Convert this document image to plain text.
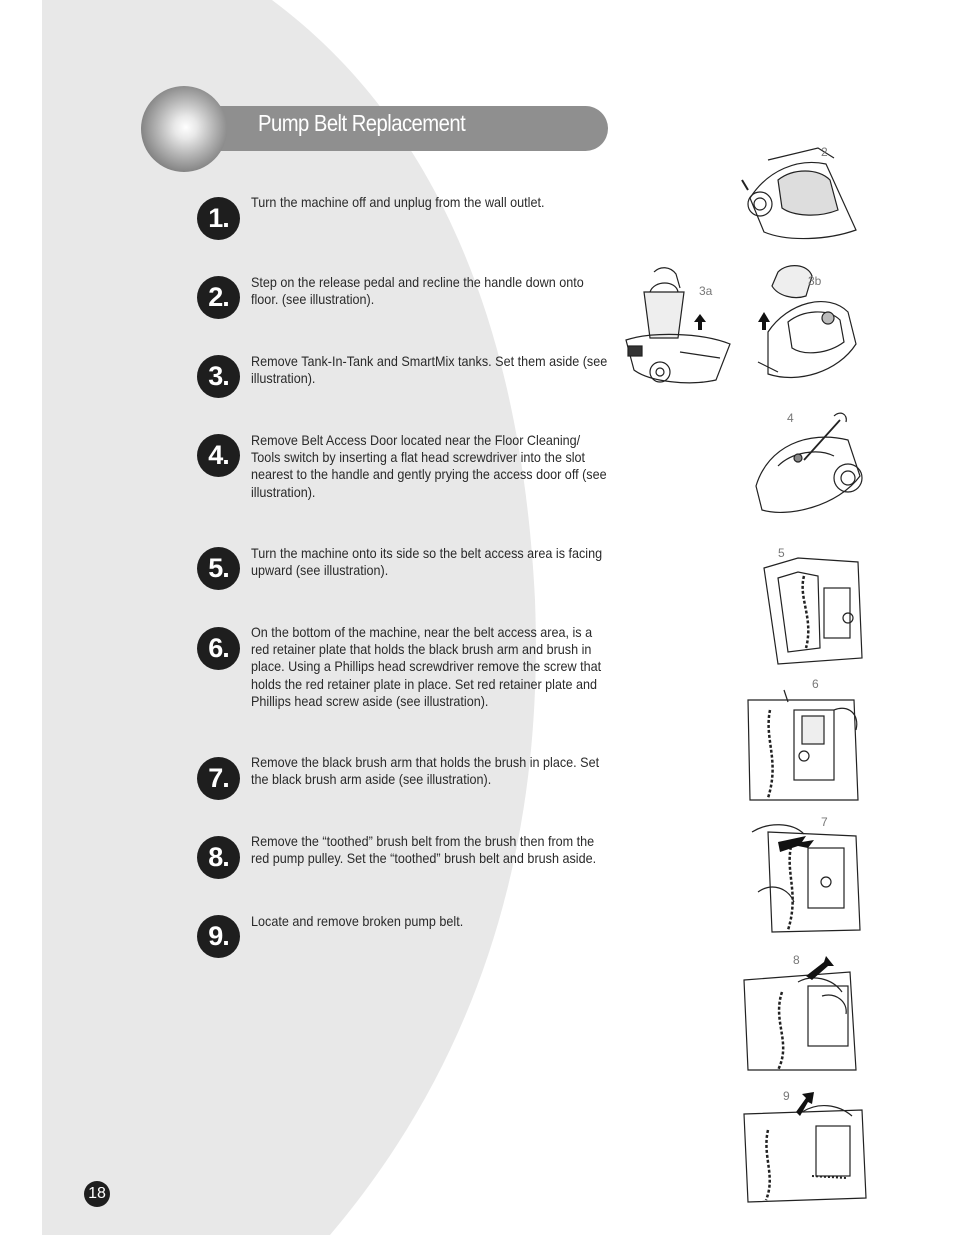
Pump Belt Replacement
1.
Turn the machine off and unplug from the wall outlet.
2.	Step on the release pedal and recline the handle down onto floor. (see illustration).
3.	Remove Tank-In-Tank and SmartMix tanks. Set them aside (see illustration).
4.	Remove Belt Access Door located near the Floor Cleaning/ Tools switch by inserting a flat head screwdriver into the slot nearest to the handle and gently prying the access door off (see illustration).
5.	Turn the machine onto its side so the belt access area is facing upward (see illustration).
6.
On the bottom of the machine, near the belt access area, is a red retainer plate that holds the black brush arm and brush in place. Using a Phillips head screwdriver remove the screw that holds the red retainer plate in place. Set red retainer plate and Phillips head screw aside (see illustration).
7.
Remove the black brush arm that holds the brush in place. Set the black brush arm aside (see illustration).
8.
Remove the “toothed” brush belt from the brush then from the red pump pulley. Set the “toothed” brush belt and brush aside.
9.	Locate and remove broken pump belt.
2
3a
3b
4
5
6
7
8
9
18
